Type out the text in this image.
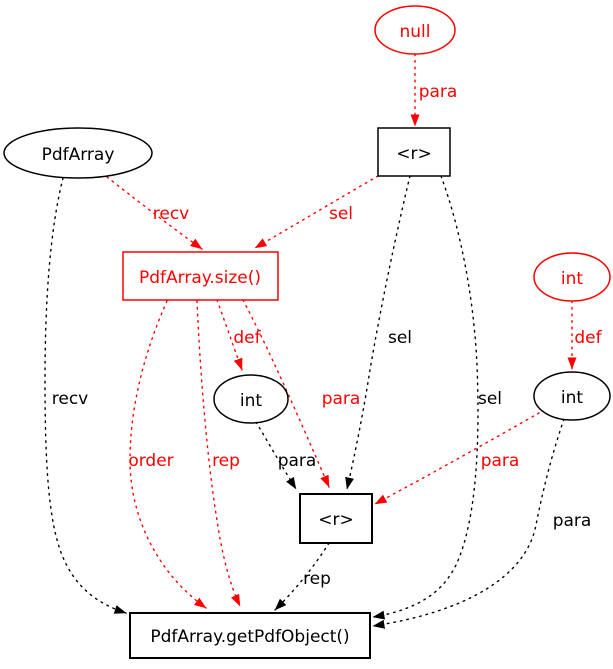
para
recv	sel
recv
def	sel	def
para	sel
order rep para	para
para
rep
null
PdfArray	<r>
PdfArray.size()	int
int
int
<r>
PdfArray.getPdfObject()
